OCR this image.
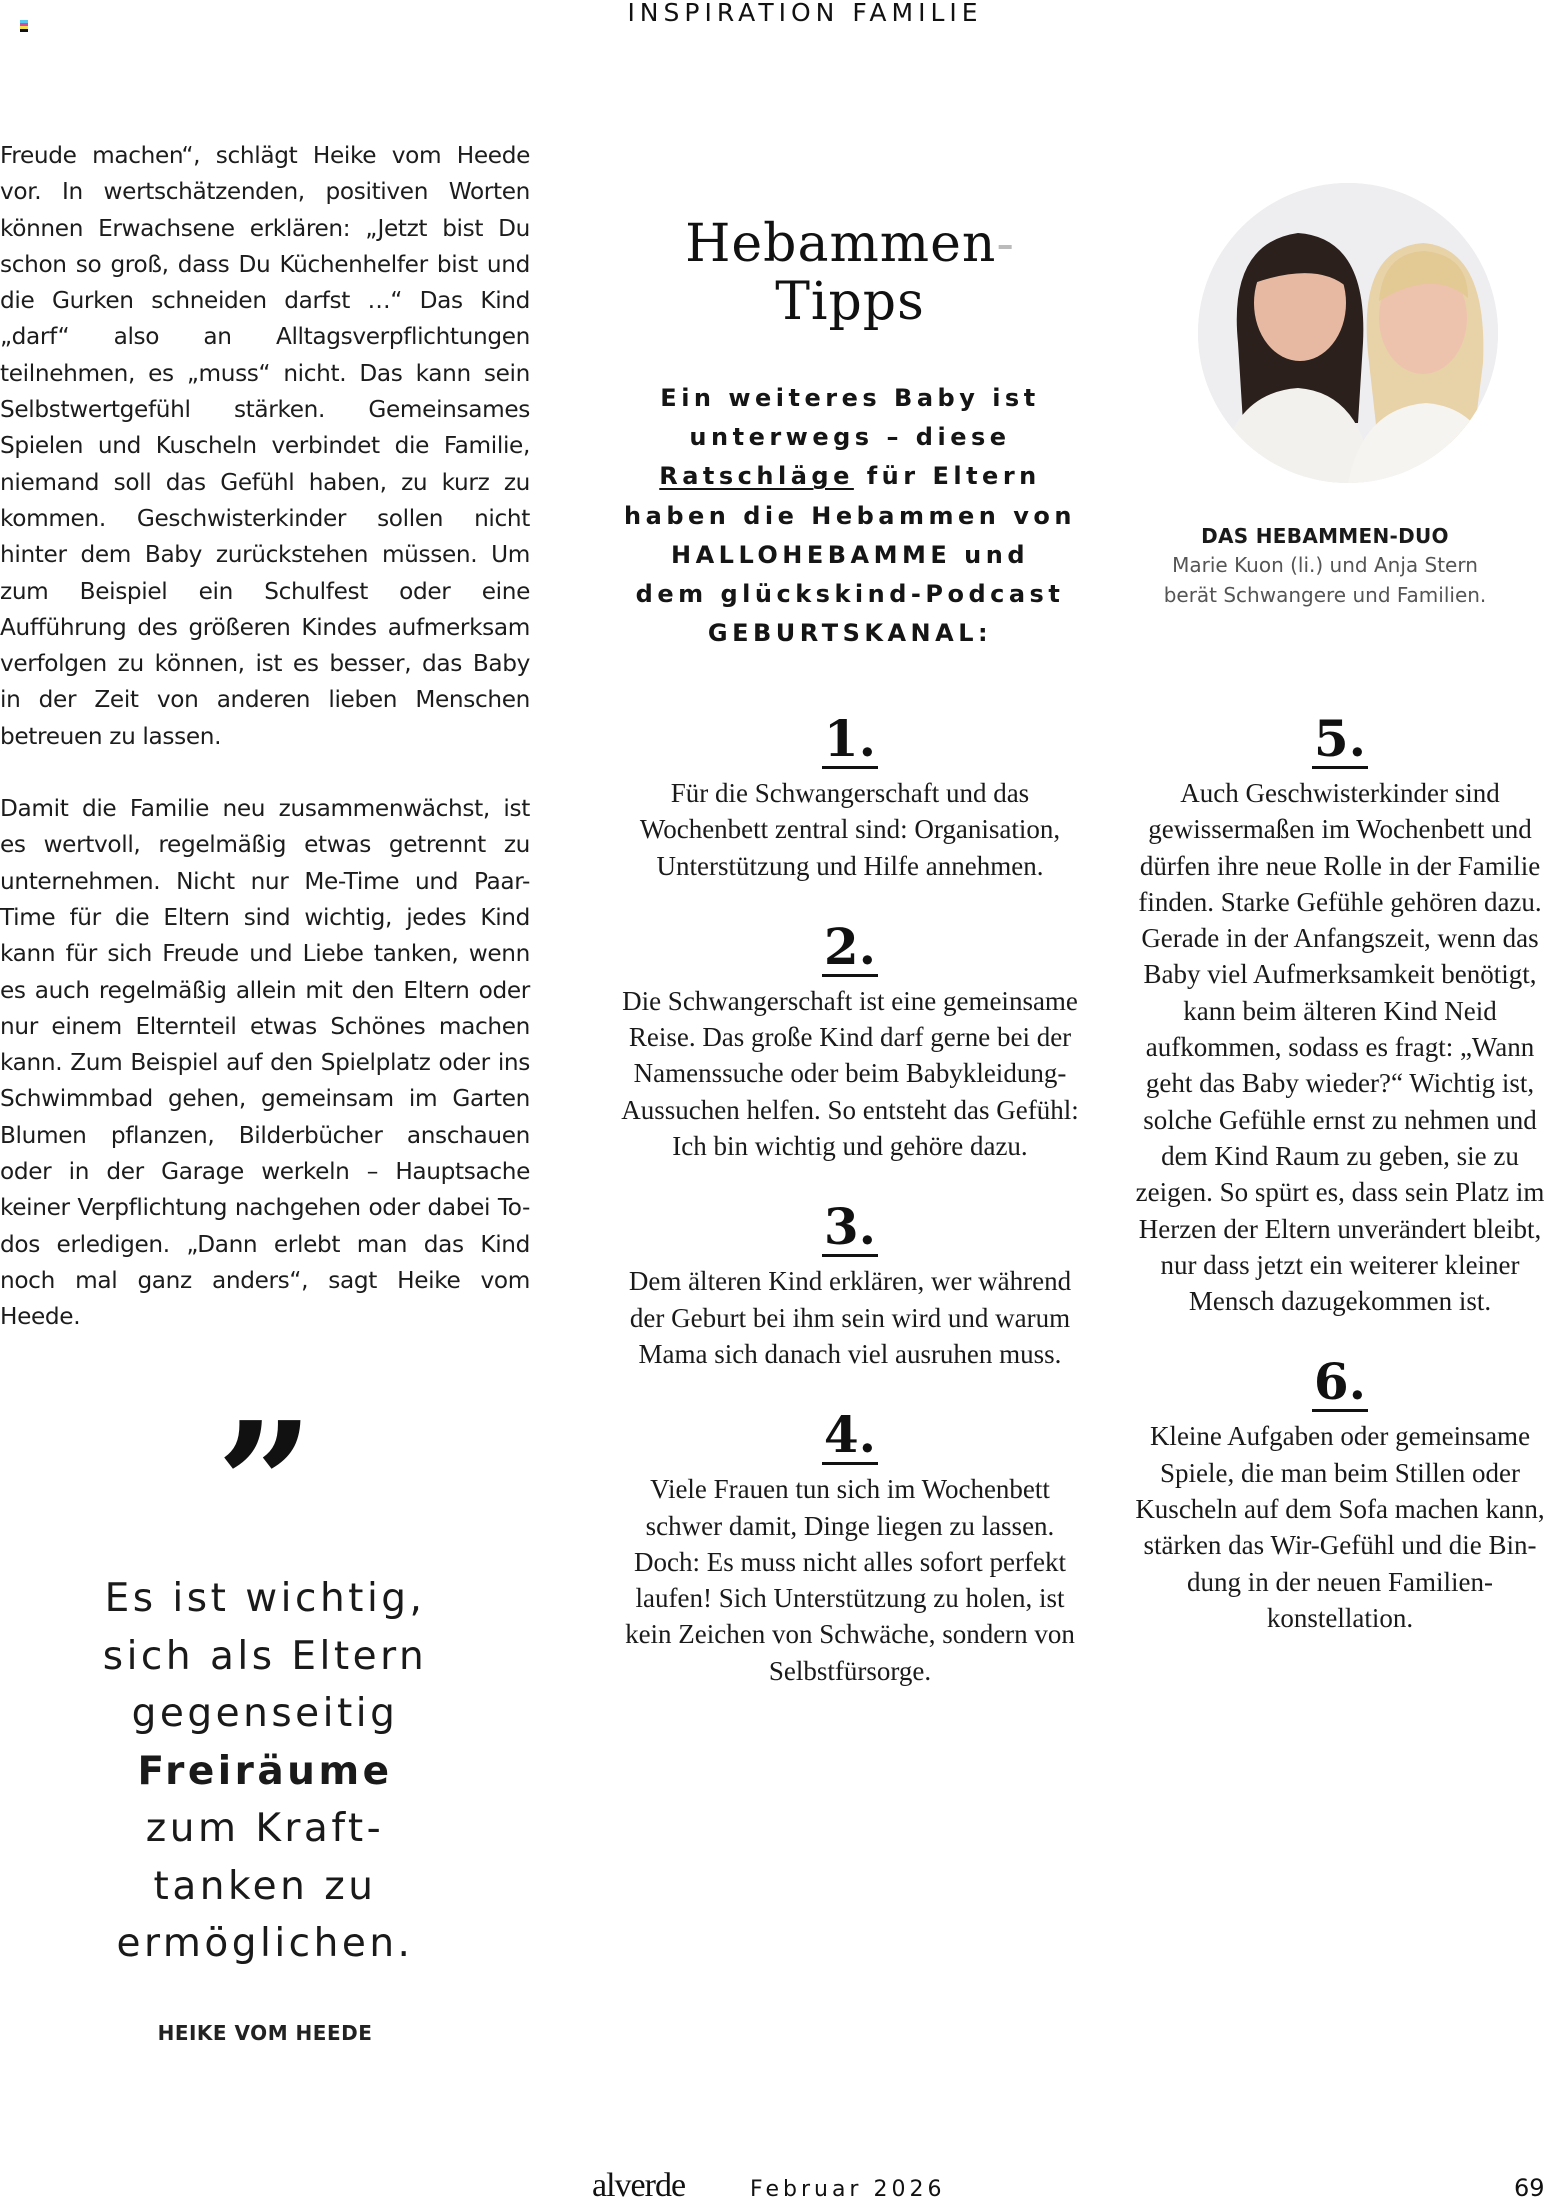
INSPIRATION FAMILIE

Freude machen“, schlägt Heike vom Heede vor. In wertschätzenden, positiven Worten können Erwachsene erklären: „Jetzt bist Du schon so groß, dass Du Küchenhelfer bist und die Gurken schneiden darfst …“ Das Kind „darf“ also an Alltagsverpflichtungen teilnehmen, es „muss“ nicht. Das kann sein Selbstwertgefühl stärken. Gemeinsames Spielen und Kuscheln verbindet die Familie, niemand soll das Gefühl haben, zu kurz zu kommen. Geschwisterkinder sollen nicht hinter dem Baby zurückstehen müssen. Um zum Beispiel ein Schulfest oder eine Aufführung des größeren Kindes aufmerksam verfolgen zu können, ist es besser, das Baby in der Zeit von anderen lieben Menschen betreuen zu lassen.

Damit die Familie neu zusammenwächst, ist es wertvoll, regelmäßig etwas getrennt zu unternehmen. Nicht nur Me-Time und Paar-Time für die Eltern sind wichtig, jedes Kind kann für sich Freude und Liebe tanken, wenn es auch regelmäßig allein mit den Eltern oder nur einem Elternteil etwas Schönes machen kann. Zum Beispiel auf den Spielplatz oder ins Schwimmbad gehen, gemeinsam im Garten Blumen pflanzen, Bilderbücher anschauen oder in der Garage werkeln – Hauptsache keiner Verpflichtung nachgehen oder dabei To-dos erledigen. „Dann erlebt man das Kind noch mal ganz anders“, sagt Heike vom Heede.

”
Es ist wichtig,
sich als Eltern
gegenseitig
Freiräume
zum Kraft-
tanken zu
ermöglichen.
HEIKE VOM HEEDE
Hebammen-
Tipps
Ein weiteres Baby ist
unterwegs – diese
Ratschläge für Eltern
haben die Hebammen von
HALLOHEBAMME und
dem glückskind-Podcast
GEBURTSKANAL:
1.
Für die Schwangerschaft und das Wochenbett zentral sind: Organisation, Unterstützung und Hilfe annehmen.
2.
Die Schwangerschaft ist eine gemeinsame Reise. Das große Kind darf gerne bei der Namenssuche oder beim Babykleidung-Aussuchen helfen. So entsteht das Gefühl: Ich bin wichtig und gehöre dazu.
3.
Dem älteren Kind erklären, wer während der Geburt bei ihm sein wird und warum Mama sich danach viel ausruhen muss.
4.
Viele Frauen tun sich im Wochenbett schwer damit, Dinge liegen zu lassen. Doch: Es muss nicht alles sofort perfekt laufen! Sich Unterstützung zu holen, ist kein Zeichen von Schwäche, sondern von Selbstfürsorge.
DAS HEBAMMEN-DUO
Marie Kuon (li.) und Anja Stern berät Schwangere und Familien.
5.
Auch Geschwisterkinder sind gewissermaßen im Wochenbett und dürfen ihre neue Rolle in der Familie finden. Starke Gefühle gehören dazu. Gerade in der Anfangszeit, wenn das Baby viel Aufmerksamkeit benötigt, kann beim älteren Kind Neid aufkommen, sodass es fragt: „Wann geht das Baby wieder?“ Wichtig ist, solche Gefühle ernst zu nehmen und dem Kind Raum zu geben, sie zu zeigen. So spürt es, dass sein Platz im Herzen der Eltern unverändert bleibt, nur dass jetzt ein weiterer kleiner Mensch dazugekommen ist.
6.
Kleine Aufgaben oder gemeinsame Spiele, die man beim Stillen oder Kuscheln auf dem Sofa machen kann, stärken das Wir-Gefühl und die Bindung in der neuen Familienkonstellation.
alverde	Februar 2026	69
